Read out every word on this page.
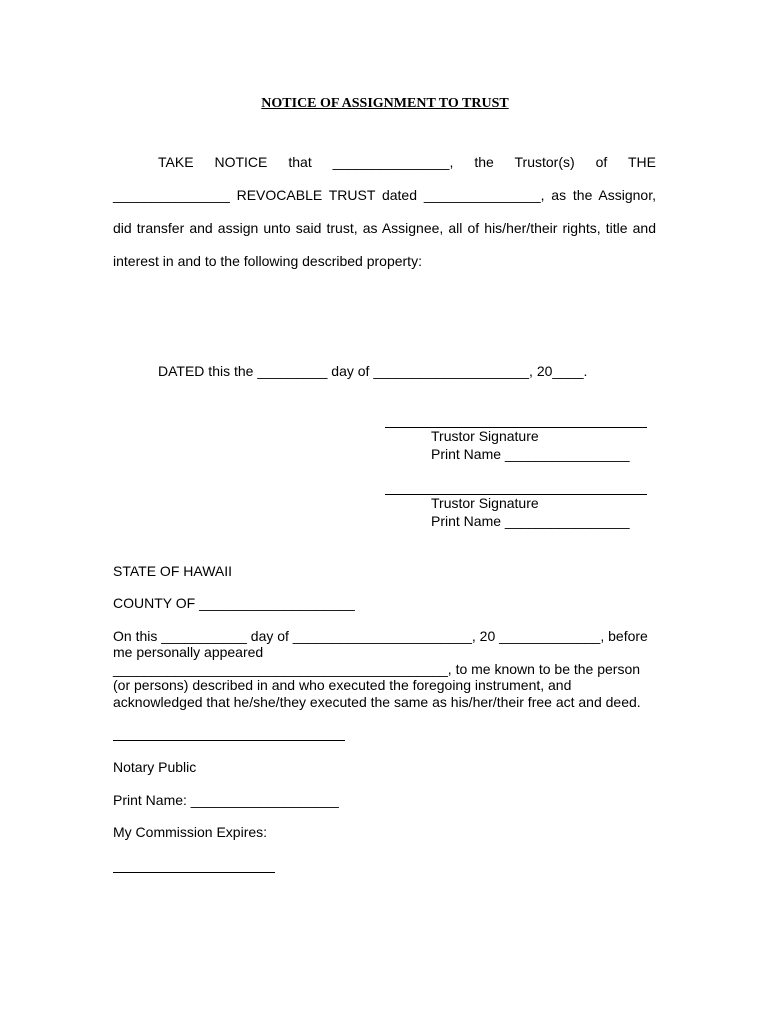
NOTICE OF ASSIGNMENT TO TRUST
TAKE NOTICE that _______________, the Trustor(s) of THE _______________ REVOCABLE TRUST dated _______________, as the Assignor, did transfer and assign unto said trust, as Assignee, all of his/her/their rights, title and interest in and to the following described property:
DATED this the _________ day of ____________________, 20____.
Trustor Signature
Print Name ________________
Trustor Signature
Print Name ________________
STATE OF HAWAII
COUNTY OF ____________________
On this ___________ day of _______________________, 20 _____________, before
me personally appeared
___________________________________________, to me known to be the person
(or persons) described in and who executed the foregoing instrument, and
acknowledged that he/she/they executed the same as his/her/their free act and deed.
Notary Public
Print Name: ___________________
My Commission Expires:
